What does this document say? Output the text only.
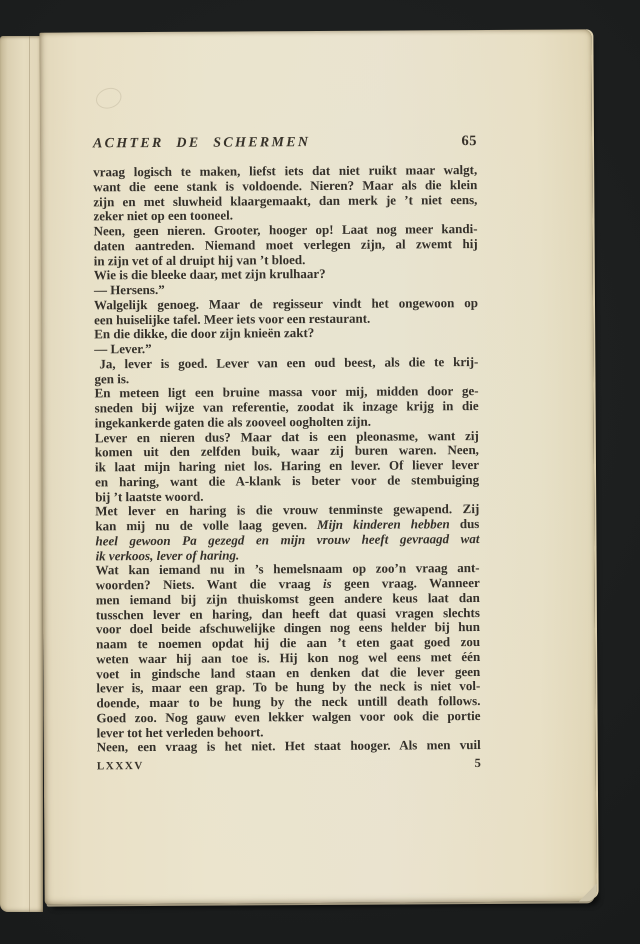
ACHTER DE SCHERMEN	65
vraag logisch te maken, liefst iets dat niet ruikt maar walgt,
want die eene stank is voldoende. Nieren? Maar als die klein
zijn en met sluwheid klaargemaakt, dan merk je ’t niet eens,
zeker niet op een tooneel.
Neen, geen nieren. Grooter, hooger op! Laat nog meer kandi-
daten aantreden. Niemand moet verlegen zijn, al zwemt hij
in zijn vet of al druipt hij van ’t bloed.
Wie is die bleeke daar, met zijn krulhaar?
— Hersens.”
Walgelijk genoeg. Maar de regisseur vindt het ongewoon op
een huiselijke tafel. Meer iets voor een restaurant.
En die dikke, die door zijn knieën zakt?
— Lever.”
Ja, lever is goed. Lever van een oud beest, als die te krij-
gen is.
En meteen ligt een bruine massa voor mij, midden door ge-
sneden bij wijze van referentie, zoodat ik inzage krijg in die
ingekankerde gaten die als zooveel oogholten zijn.
Lever en nieren dus? Maar dat is een pleonasme, want zij
komen uit den zelfden buik, waar zij buren waren. Neen,
ik laat mijn haring niet los. Haring en lever. Of liever lever
en haring, want die A-klank is beter voor de stembuiging
bij ’t laatste woord.
Met lever en haring is die vrouw tenminste gewapend. Zij
kan mij nu de volle laag geven. Mijn kinderen hebben dus
heel gewoon Pa gezegd en mijn vrouw heeft gevraagd wat
ik verkoos, lever of haring.
Wat kan iemand nu in ’s hemelsnaam op zoo’n vraag ant-
woorden? Niets. Want die vraag is geen vraag. Wanneer
men iemand bij zijn thuiskomst geen andere keus laat dan
tusschen lever en haring, dan heeft dat quasi vragen slechts
voor doel beide afschuwelijke dingen nog eens helder bij hun
naam te noemen opdat hij die aan ’t eten gaat goed zou
weten waar hij aan toe is. Hij kon nog wel eens met één
voet in gindsche land staan en denken dat die lever geen
lever is, maar een grap. To be hung by the neck is niet vol-
doende, maar to be hung by the neck untill death follows.
Goed zoo. Nog gauw even lekker walgen voor ook die portie
lever tot het verleden behoort.
Neen, een vraag is het niet. Het staat hooger. Als men vuil
LXXXV	5
